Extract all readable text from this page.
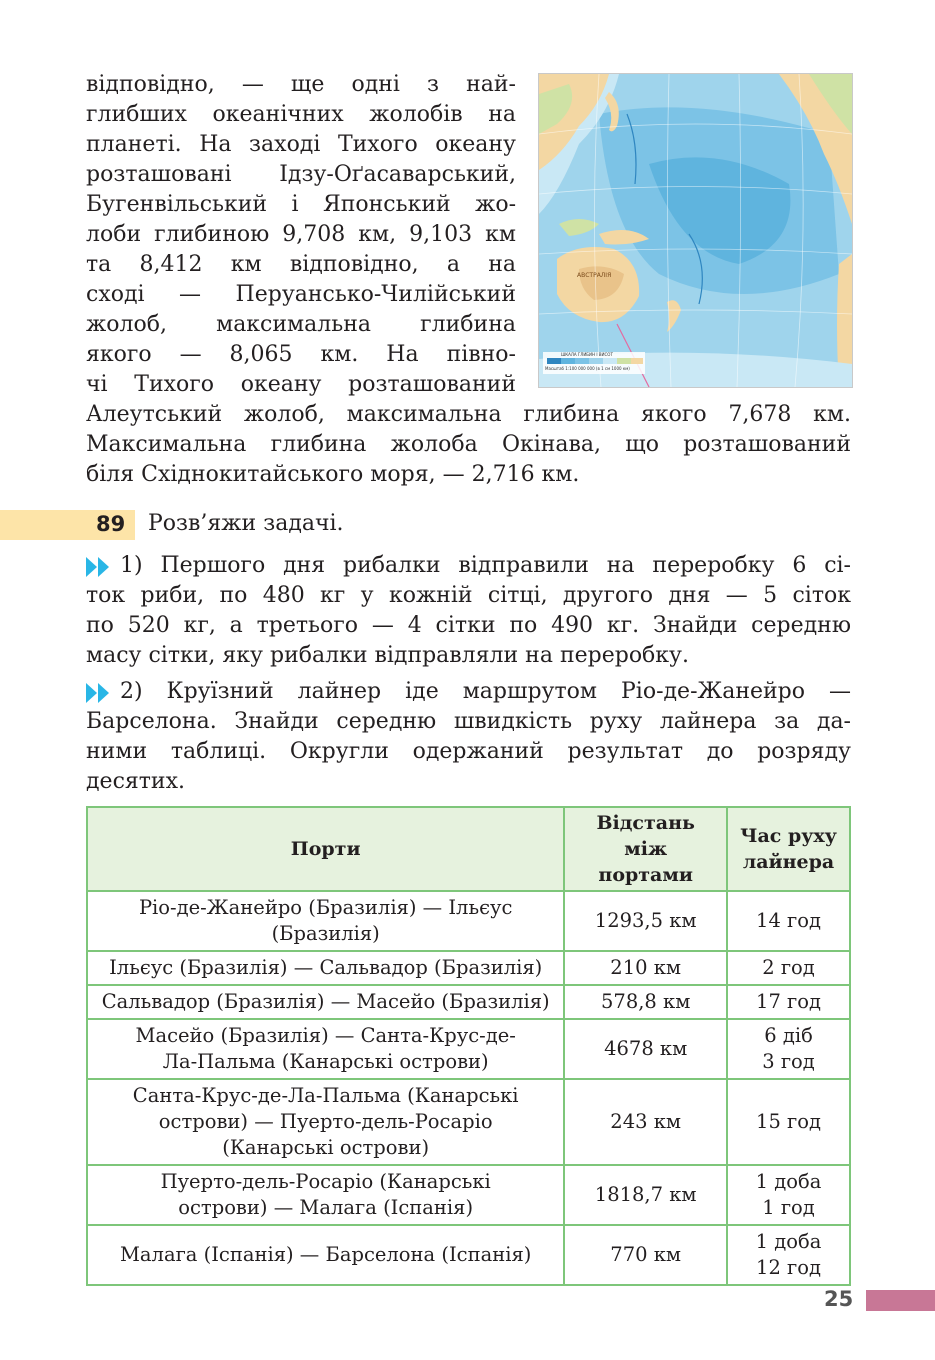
відповідно, — ще одні з най-
глибших океанічних жолобів на
планеті. На заході Тихого океану
розташовані Ідзу-Оґасаварський,
Бугенвільський і Японський жо-
лоби глибиною 9,708 км, 9,103 км
та 8,412 км відповідно, а на
сході — Перуансько-Чилійський
жолоб, максимальна глибина
якого — 8,065 км. На півно-
чі Тихого океану розташований
Алеутський жолоб, максимальна глибина якого 7,678 км.
Максимальна глибина жолоба Окінава, що розташований
біля Східнокитайського моря, — 2,716 км.
АВСТРАЛІЯ
ШКАЛА ГЛИБИН І ВИСОТ
Масштаб 1:100 000 000 (в 1 см 1000 км)
89 Розв’яжи задачі.
1) Першого дня рибалки відправили на переробку 6 сі-
ток риби, по 480 кг у кожній сітці, другого дня — 5 сіток
по 520 кг, а третього — 4 сітки по 490 кг. Знайди середню
масу сітки, яку рибалки відправляли на переробку.
2) Круїзний лайнер іде маршрутом Ріо-де-Жанейро —
Барселона. Знайди середню швидкість руху лайнера за да-
ними таблиці. Округли одержаний результат до розряду
десятих.
Порти	Відстань між портами	Час руху лайнера
Ріо-де-Жанейро (Бразилія) — Ільєус (Бразилія)	1293,5 км	14 год
Ільєус (Бразилія) — Сальвадор (Бразилія)	210 км	2 год
Сальвадор (Бразилія) — Масейо (Бразилія)	578,8 км	17 год
Масейо (Бразилія) — Санта-Крус-де-Ла-Пальма (Канарські острови)	4678 км	6 діб 3 год
Санта-Крус-де-Ла-Пальма (Канарські острови) — Пуерто-дель-Росаріо (Канарські острови)	243 км	15 год
Пуерто-дель-Росаріо (Канарські острови) — Малага (Іспанія)	1818,7 км	1 доба 1 год
Малага (Іспанія) — Барселона (Іспанія)	770 км	1 доба 12 год
25
